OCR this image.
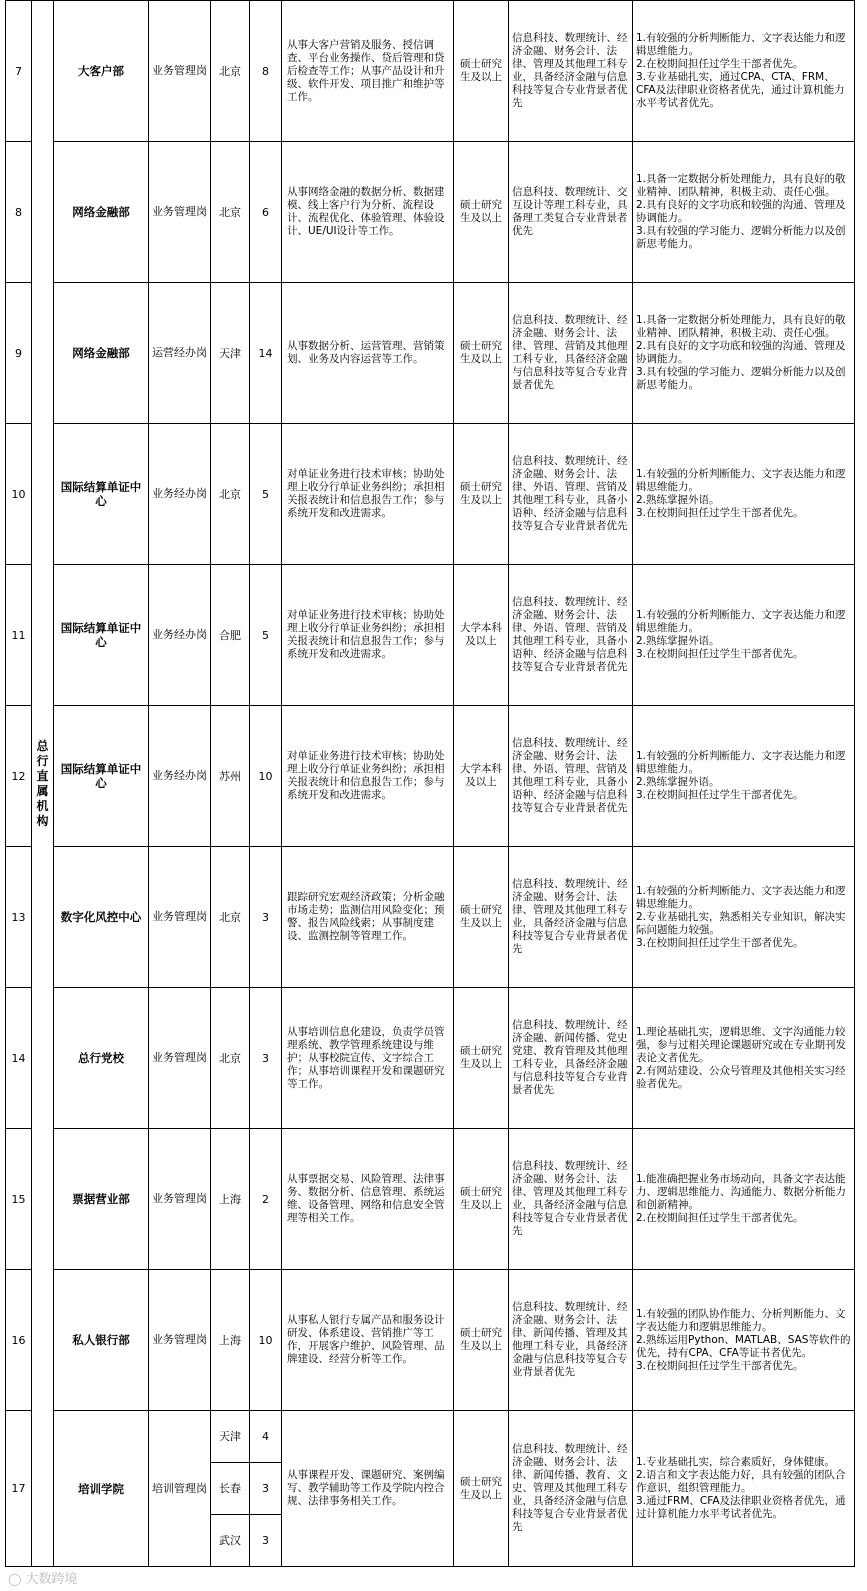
7	总行直属机构	大客户部	业务管理岗	北京	8	从事大客户营销及服务、授信调查、平台业务操作、贷后管理和贷后检查等工作；从事产品设计和升级、软件开发、项目推广和维护等工作。	硕士研究生及以上	信息科技、数理统计、经济金融、财务会计、法律、管理及其他理工科专业，具备经济金融与信息科技等复合专业背景者优先	1.有较强的分析判断能力、文字表达能力和逻辑思维能力。
2.在校期间担任过学生干部者优先。
3.专业基础扎实，通过CPA、CTA、FRM、CFA及法律职业资格者优先，通过计算机能力水平考试者优先。

8		网络金融部	业务管理岗	北京	6	从事网络金融的数据分析、数据建模、线上客户行为分析、流程设计、流程优化、体验管理、体验设计、UE/UI设计等工作。	硕士研究生及以上	信息科技、数理统计、交互设计等理工科专业，具备理工类复合专业背景者优先	1.具备一定数据分析处理能力，具有良好的敬业精神、团队精神，积极主动、责任心强。
2.具有良好的文字功底和较强的沟通、管理及协调能力。
3.具有较强的学习能力、逻辑分析能力以及创新思考能力。

9		网络金融部	运营经办岗	天津	14	从事数据分析、运营管理、营销策划、业务及内容运营等工作。	硕士研究生及以上	信息科技、数理统计、经济金融、财务会计、法律、管理、营销及其他理工科专业，具备经济金融与信息科技等复合专业背景者优先	1.具备一定数据分析处理能力，具有良好的敬业精神、团队精神，积极主动、责任心强。
2.具有良好的文字功底和较强的沟通、管理及协调能力。
3.具有较强的学习能力、逻辑分析能力以及创新思考能力。

10		国际结算单证中心	业务经办岗	北京	5	对单证业务进行技术审核；协助处理上收分行单证业务纠纷；承担相关报表统计和信息报告工作；参与系统开发和改进需求。	硕士研究生及以上	信息科技、数理统计、经济金融、财务会计、法律、外语、管理、营销及其他理工科专业，具备小语种、经济金融与信息科技等复合专业背景者优先	1.有较强的分析判断能力、文字表达能力和逻辑思维能力。
2.熟练掌握外语。
3.在校期间担任过学生干部者优先。

11		国际结算单证中心	业务经办岗	合肥	5	对单证业务进行技术审核；协助处理上收分行单证业务纠纷；承担相关报表统计和信息报告工作；参与系统开发和改进需求。	大学本科及以上	信息科技、数理统计、经济金融、财务会计、法律、外语、管理、营销及其他理工科专业，具备小语种、经济金融与信息科技等复合专业背景者优先	1.有较强的分析判断能力、文字表达能力和逻辑思维能力。
2.熟练掌握外语。
3.在校期间担任过学生干部者优先。

12		国际结算单证中心	业务经办岗	苏州	10	对单证业务进行技术审核；协助处理上收分行单证业务纠纷；承担相关报表统计和信息报告工作；参与系统开发和改进需求。	大学本科及以上	信息科技、数理统计、经济金融、财务会计、法律、外语、管理、营销及其他理工科专业，具备小语种、经济金融与信息科技等复合专业背景者优先	1.有较强的分析判断能力、文字表达能力和逻辑思维能力。
2.熟练掌握外语。
3.在校期间担任过学生干部者优先。

13		数字化风控中心	业务管理岗	北京	3	跟踪研究宏观经济政策；分析金融市场走势；监测信用风险变化；预警、报告风险线索；从事制度建设、监测控制等管理工作。	硕士研究生及以上	信息科技、数理统计、经济金融、财务会计、法律、管理及其他理工科专业，具备经济金融与信息科技等复合专业背景者优先	1.有较强的分析判断能力、文字表达能力和逻辑思维能力。
2.专业基础扎实，熟悉相关专业知识，解决实际问题能力较强。
3.在校期间担任过学生干部者优先。

14		总行党校	业务管理岗	北京	3	从事培训信息化建设，负责学员管理系统、教学管理系统建设与维护；从事校院宣传、文字综合工作；从事培训课程开发和课题研究等工作。	硕士研究生及以上	信息科技、数理统计、经济金融、新闻传播、党史党建、教育管理及其他理工科专业，具备经济金融与信息科技等复合专业背景者优先	1.理论基础扎实，逻辑思维、文字沟通能力较强，参与过相关理论课题研究或在专业期刊发表论文者优先。
2.有网站建设、公众号管理及其他相关实习经验者优先。

15		票据营业部	业务管理岗	上海	2	从事票据交易、风险管理、法律事务、数据分析、信息管理、系统运维、设备管理、网络和信息安全管理等相关工作。	硕士研究生及以上	信息科技、数理统计、经济金融、财务会计、法律、管理及其他理工科专业，具备经济金融与信息科技等复合专业背景者优先	1.能准确把握业务市场动向，具备文字表达能力、逻辑思维能力、沟通能力、数据分析能力和创新精神。
2.在校期间担任过学生干部者优先。

16		私人银行部	业务管理岗	上海	10	从事私人银行专属产品和服务设计研发、体系建设、营销推广等工作，开展客户维护、风险管理、品牌建设、经营分析等工作。	硕士研究生及以上	信息科技、数理统计、经济金融、财务会计、法律、新闻传播、管理及其他理工科专业，具备经济金融与信息科技等复合专业背景者优先	1.有较强的团队协作能力、分析判断能力、文字表达能力和逻辑思维能力。
2.熟练运用Python、MATLAB、SAS等软件的优先，持有CPA、CFA等证书者优先。
3.在校期间担任过学生干部者优先。

17		培训学院	培训管理岗	天津	4	从事课程开发、课题研究、案例编写、教学辅助等工作及学院内控合规、法律事务相关工作。	硕士研究生及以上	信息科技、数理统计、经济金融、财务会计、法律、新闻传播、教育、文史、管理及其他理工科专业，具备经济金融与信息科技等复合专业背景者优先	1.专业基础扎实，综合素质好，身体健康。
2.语言和文字表达能力好，具有较强的团队合作意识，组织管理能力。
3.通过FRM、CFA及法律职业资格者优先，通过计算机能力水平考试者优先。

				长春	3				
				武汉	3				
◯ 大数跨境
